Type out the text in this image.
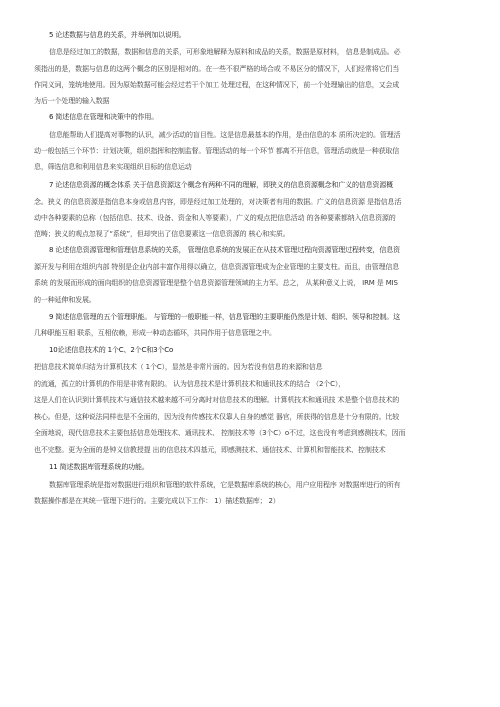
5 论述数据与信息的关系，并举例加以说明。
信息是经过加工的数据，数据和信息的关系，可形象地解释为原料和成品的关系，数据是原材料， 信息是制成品。必
须指出的是，数据与信息的这两个概念的区别是相对的。在一些不很严格的场合或 不易区分的情况下，人们经常将它们当
作同义词，笼统地使用。因为原始数据可能会经过若干个加工 处理过程，在这种情况下，前一个处理输出的信息，又会成
为后一个处理的输入数据
6 简述信息在管理和决策中的作用。
信息能帮助人们提高对事物的认识，减少活动的盲目性。这是信息最基本的作用，是由信息的本 质所决定的。管理活
动一般包括三个环节：计划决策，组织指挥和控制监督。管理活动的每一个环节 都离不开信息，管理活动就是一种获取信
息，筛选信息和利用信息来实现组织目标的信息运动
7 论述信息资源的概念体系 关于信息资源这个概念有两种不同的理解，即狭义的信息资源概念和广义的信息资源概
念。狭义 的信息资源是指信息本身或信息内容，即是经过加工处理的，对决策者有用的数据。广义的信息资源 是指信息活
动中各种要素的总称（包括信息、技术、设备、资金和人等要素），广义的观点把信息活动 的各种要素都纳入信息资源的
范畴；狭义的观点忽视了“系统”，但却突出了信息要素这一信息资源的 核心和实质。
8 论述信息资源管理和管理信息系统的关系， 管理信息系统的发展正在从技术管理过程向资源管理过程转变，信息资
源开发与利用在组织内部 特别是企业内部丰富作用得以确立，信息资源管理成为企业管理的主要支柱。而且，由管理信息
系统 的发展而形成的面向组织的信息资源管理是整个信息资源管理领域的主力军。总之， 从某种意义上说， IRM 是 MIS
的一种延伸和发展。
9 简述信息管理的五个管理职能。 与管理的一般职能一样，信息管理的主要职能仍然是计划、组织、领导和控制。这
几种职能互相 联系，互相依赖，形成一种动态循环，共同作用于信息管理之中。
10论述信息技术的 1个C、2个C和3个Co
把信息技术简单归结为计算机技术（ 1个C），显然是非常片面的。因为若没有信息的来源和信息
的流通，孤立的计算机的作用是非常有限的。 认为信息技术是计算机技术和通讯技术的结合 （2个C），
这是人们在认识到计算机技术与通信技术越来越不可分离时对信息技术的理解。计算机技术和通讯技 术是整个信息技术的
核心。但是，这种说法同样也是不全面的，因为没有传感技术仅靠人自身的感觉 器官，所获得的信息是十分有限的。比较
全面地说，现代信息技术主要包括信息处理技术、通讯技术、 控制技术等（3个C）o不过，这也没有考虑到感测技术，因而
也不完整。更为全面的是钟义信教授提 出的信息技术四基元，即感测技术、通信技术、计算机和智能技术、控制技术
11 简述数据库管理系统的功能。
数据库管理系统是指对数据进行组织和管理的软件系统，它是数据库系统的核心，用户应用程序 对数据库进行的所有
数据操作都是在其统一管理下进行的。主要完成以下工作： 1）描述数据库； 2）
